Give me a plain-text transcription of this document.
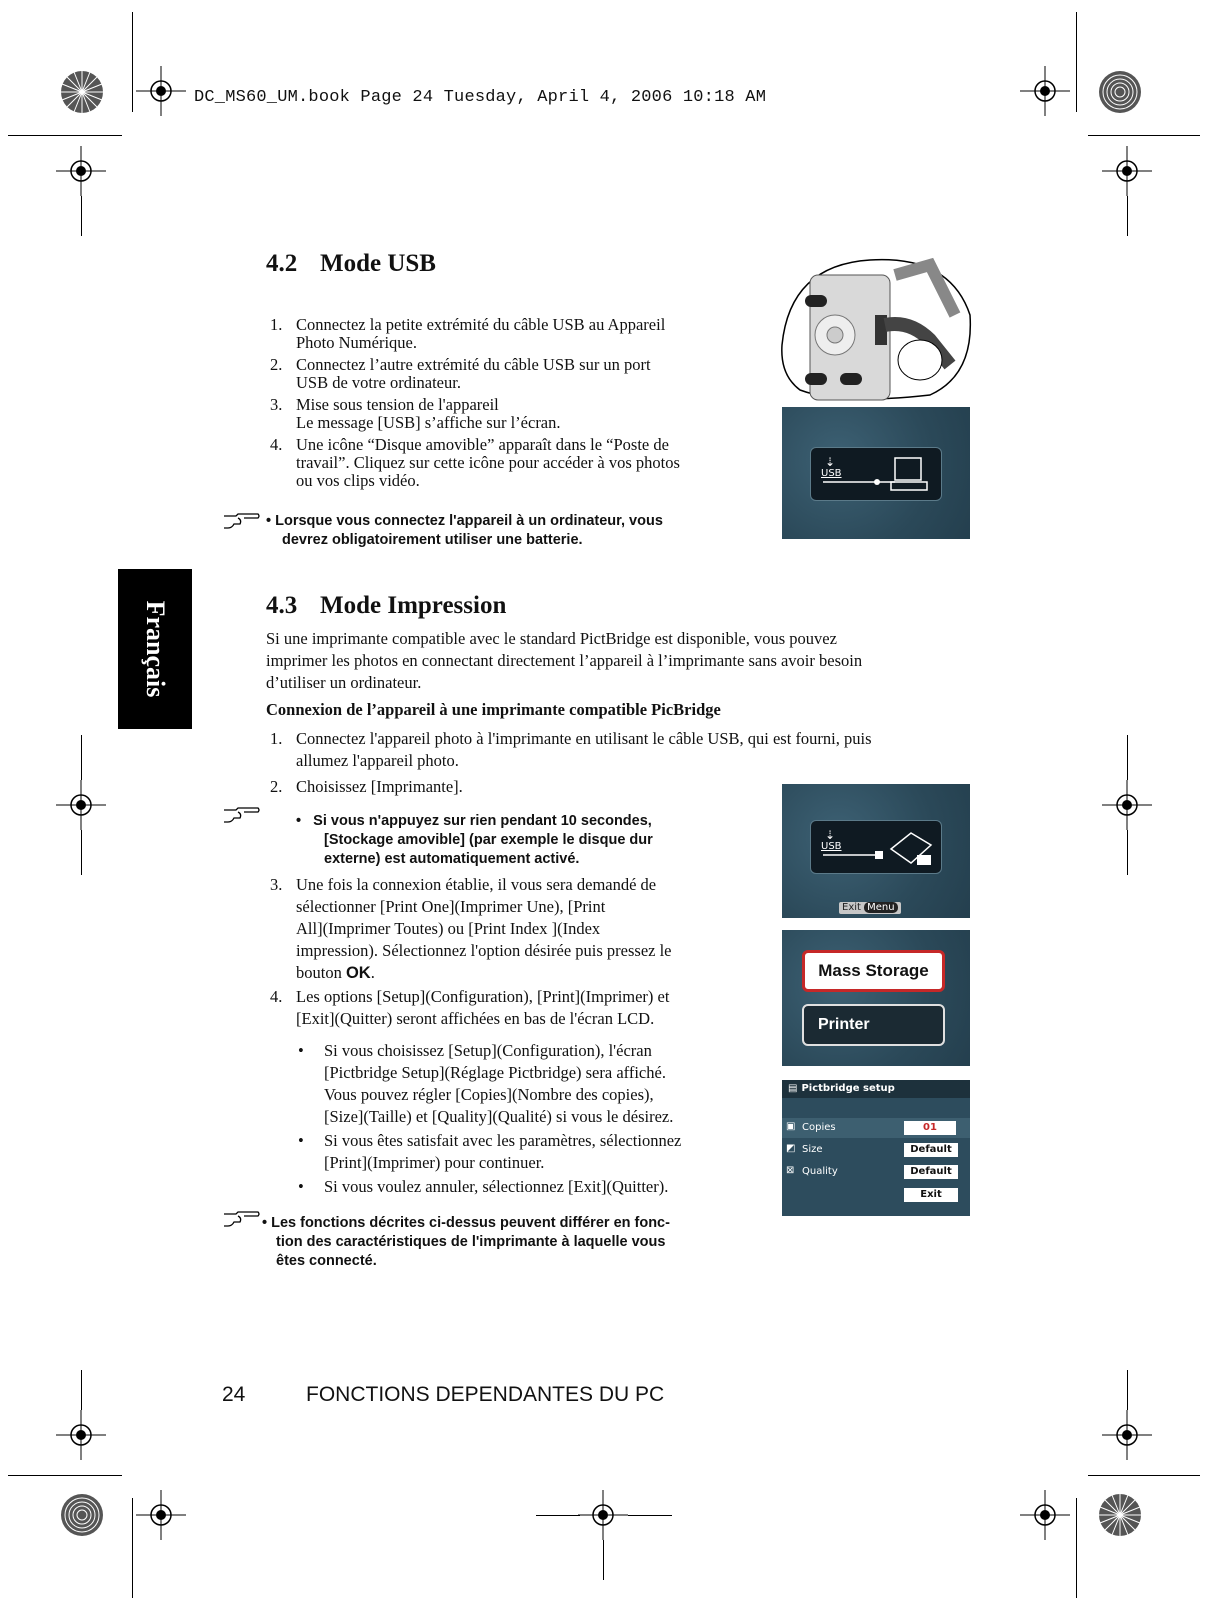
DC_MS60_UM.book Page 24 Tuesday, April 4, 2006 10:18 AM
Français
4.2 Mode USB
1. Connectez la petite extrémité du câble USB au Appareil
Photo Numérique.
2. Connectez l’autre extrémité du câble USB sur un port
USB de votre ordinateur.
3. Mise sous tension de l'appareil
Le message [USB] s’affiche sur l’écran.
4. Une icône “Disque amovible” apparaît dans le “Poste de
travail”. Cliquez sur cette icône pour accéder à vos photos
ou vos clips vidéo.
• Lorsque vous connectez l'appareil à un ordinateur, vous
devrez obligatoirement utiliser une batterie.
⇣
USB
4.3 Mode Impression
Si une imprimante compatible avec le standard PictBridge est disponible, vous pouvez
imprimer les photos en connectant directement l’appareil à l’imprimante sans avoir besoin
d’utiliser un ordinateur.
Connexion de l’appareil à une imprimante compatible PicBridge
1. Connectez l'appareil photo à l'imprimante en utilisant le câble USB, qui est fourni, puis
allumez l'appareil photo.
2. Choisissez [Imprimante].
•   Si vous n'appuyez sur rien pendant 10 secondes,
[Stockage amovible] (par exemple le disque dur
externe) est automatiquement activé.
3. Une fois la connexion établie, il vous sera demandé de
sélectionner [Print One](Imprimer Une), [Print
All](Imprimer Toutes) ou [Print Index ](Index
impression). Sélectionnez l'option désirée puis pressez le
bouton OK.
4. Les options [Setup](Configuration), [Print](Imprimer) et
[Exit](Quitter) seront affichées en bas de l'écran LCD.
• Si vous choisissez [Setup](Configuration), l'écran
[Pictbridge Setup](Réglage Pictbridge) sera affiché.
Vous pouvez régler [Copies](Nombre des copies),
[Size](Taille) et [Quality](Qualité) si vous le désirez.
• Si vous êtes satisfait avec les paramètres, sélectionnez
[Print](Imprimer) pour continuer.
• Si vous voulez annuler, sélectionnez [Exit](Quitter).
• Les fonctions décrites ci-dessus peuvent différer en fonc-
tion des caractéristiques de l'imprimante à laquelle vous
êtes connecté.
⇣
USB
Exit Menu
Mass Storage
Printer
▤ Pictbridge setup
▣ Copies	01
◩ Size	Default
⊠ Quality	Default
Exit
24	FONCTIONS DEPENDANTES DU PC
